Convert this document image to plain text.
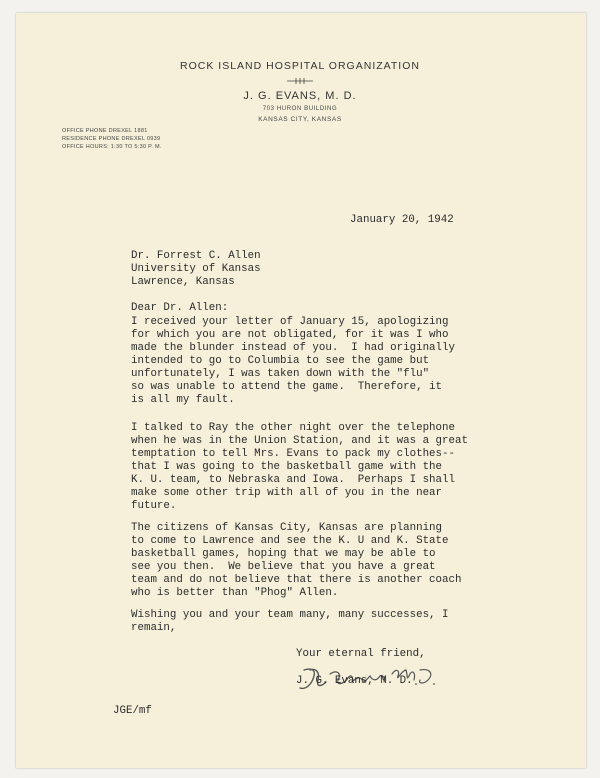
ROCK ISLAND HOSPITAL ORGANIZATION
J. G. EVANS, M. D.
703 HURON BUILDING
KANSAS CITY, KANSAS
OFFICE PHONE DREXEL 1881
RESIDENCE PHONE DREXEL 0939
OFFICE HOURS: 1:30 TO 5:30 P. M.
January 20, 1942
Dr. Forrest C. Allen
University of Kansas
Lawrence, Kansas
Dear Dr. Allen:
I received your letter of January 15, apologizing
for which you are not obligated, for it was I who
made the blunder instead of you.  I had originally
intended to go to Columbia to see the game but
unfortunately, I was taken down with the "flu"
so was unable to attend the game.  Therefore, it
is all my fault.
I talked to Ray the other night over the telephone
when he was in the Union Station, and it was a great
temptation to tell Mrs. Evans to pack my clothes--
that I was going to the basketball game with the
K. U. team, to Nebraska and Iowa.  Perhaps I shall
make some other trip with all of you in the near
future.
The citizens of Kansas City, Kansas are planning
to come to Lawrence and see the K. U and K. State
basketball games, hoping that we may be able to
see you then.  We believe that you have a great
team and do not believe that there is another coach
who is better than "Phog" Allen.
Wishing you and your team many, many successes, I
remain,
Your eternal friend,
J. G. Evans, M. D.
JGE/mf
